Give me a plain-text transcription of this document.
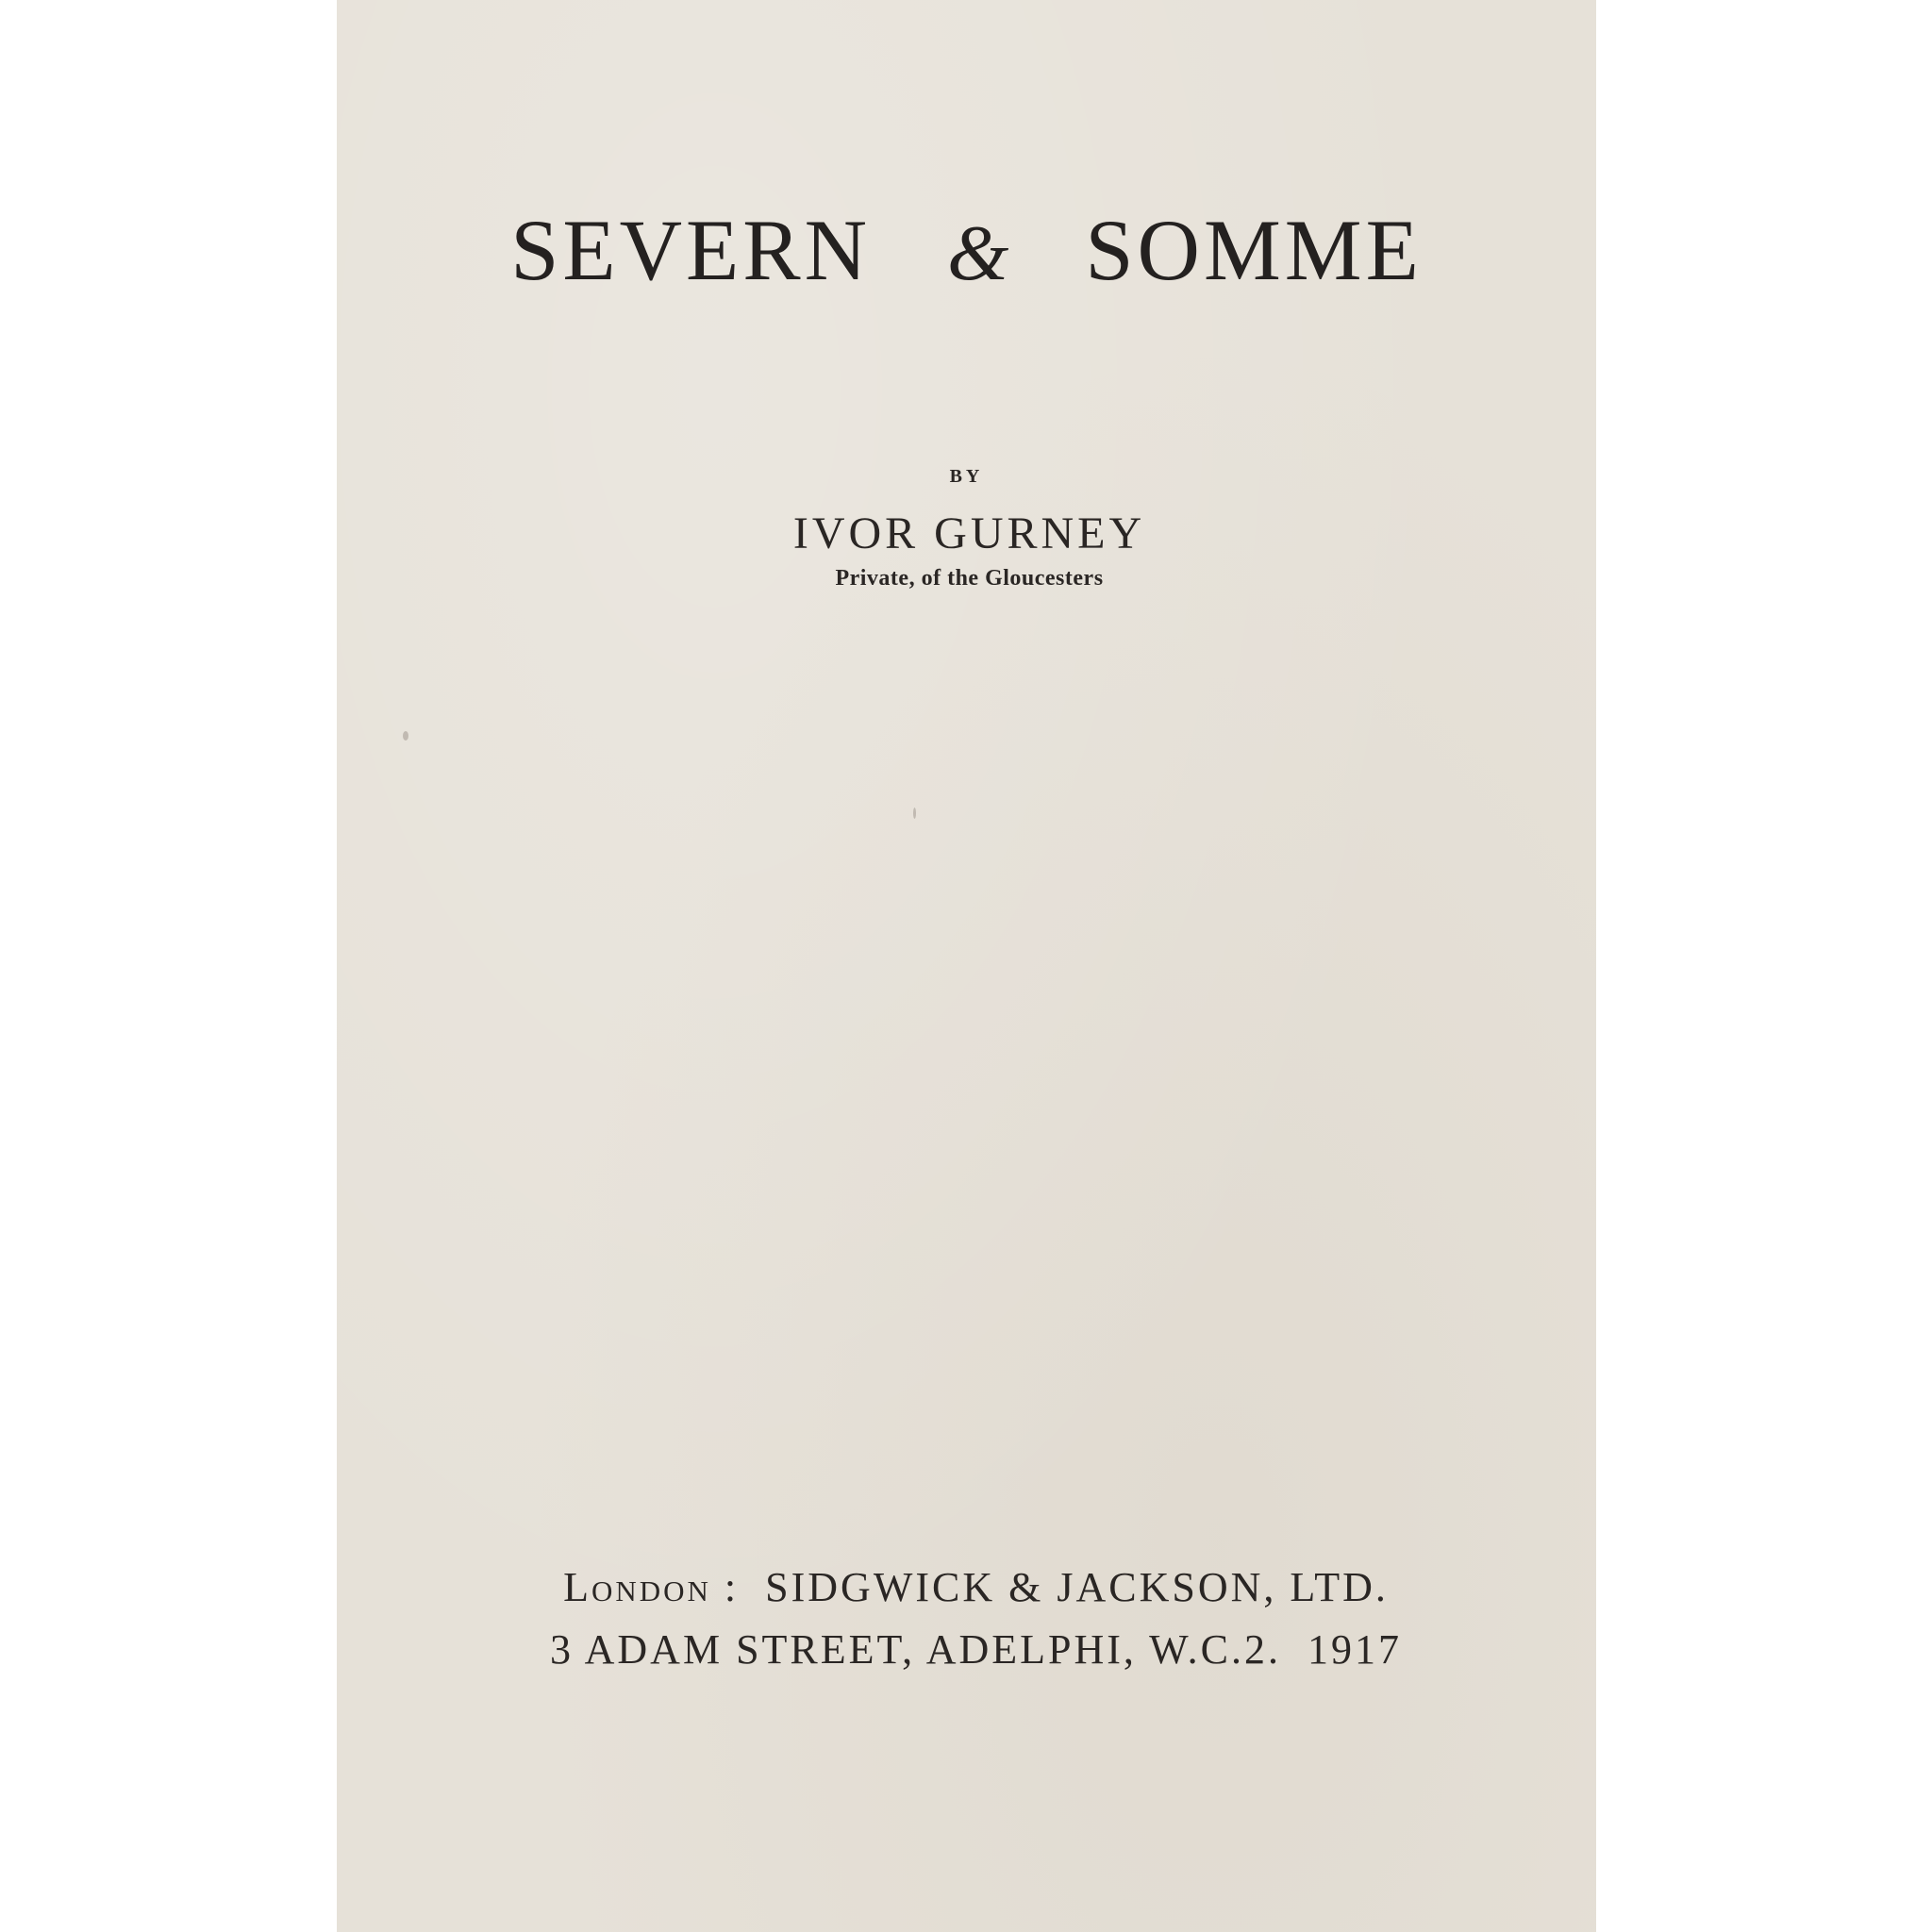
SEVERN & SOMME
BY
IVOR GURNEY
Private, of the Gloucesters
London :  SIDGWICK & JACKSON, LTD.
3 ADAM STREET, ADELPHI, W.C.2. 1917
